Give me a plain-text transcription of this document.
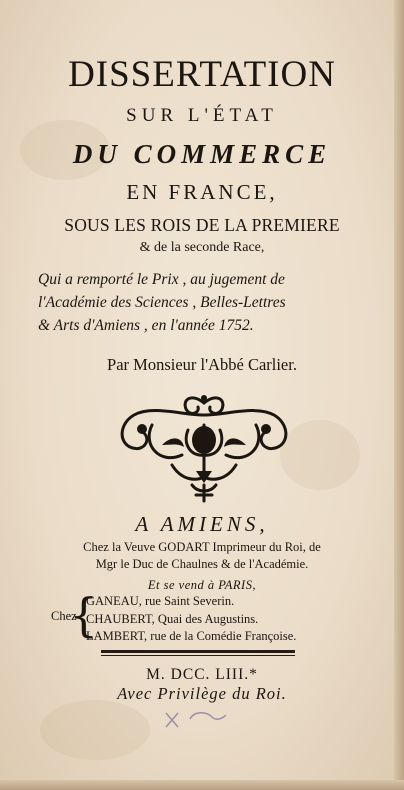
DISSERTATION
SUR L'ÉTAT
DU COMMERCE
EN FRANCE,
SOUS LES ROIS DE LA PREMIERE
& de la seconde Race,
Qui a remporté le Prix , au jugement de
l'Académie des Sciences , Belles-Lettres
& Arts d'Amiens , en l'année 1752.
Par Monsieur l'Abbé Carlier.
A AMIENS,
Chez la Veuve GODART Imprimeur du Roi, de
Mgr le Duc de Chaulnes & de l'Académie.
Et se vend à PARIS,
Chez
{
GANEAU, rue Saint Severin.
CHAUBERT, Quai des Augustins.
LAMBERT, rue de la Comédie Françoise.
M. DCC. LIII.*
Avec Privilège du Roi.
